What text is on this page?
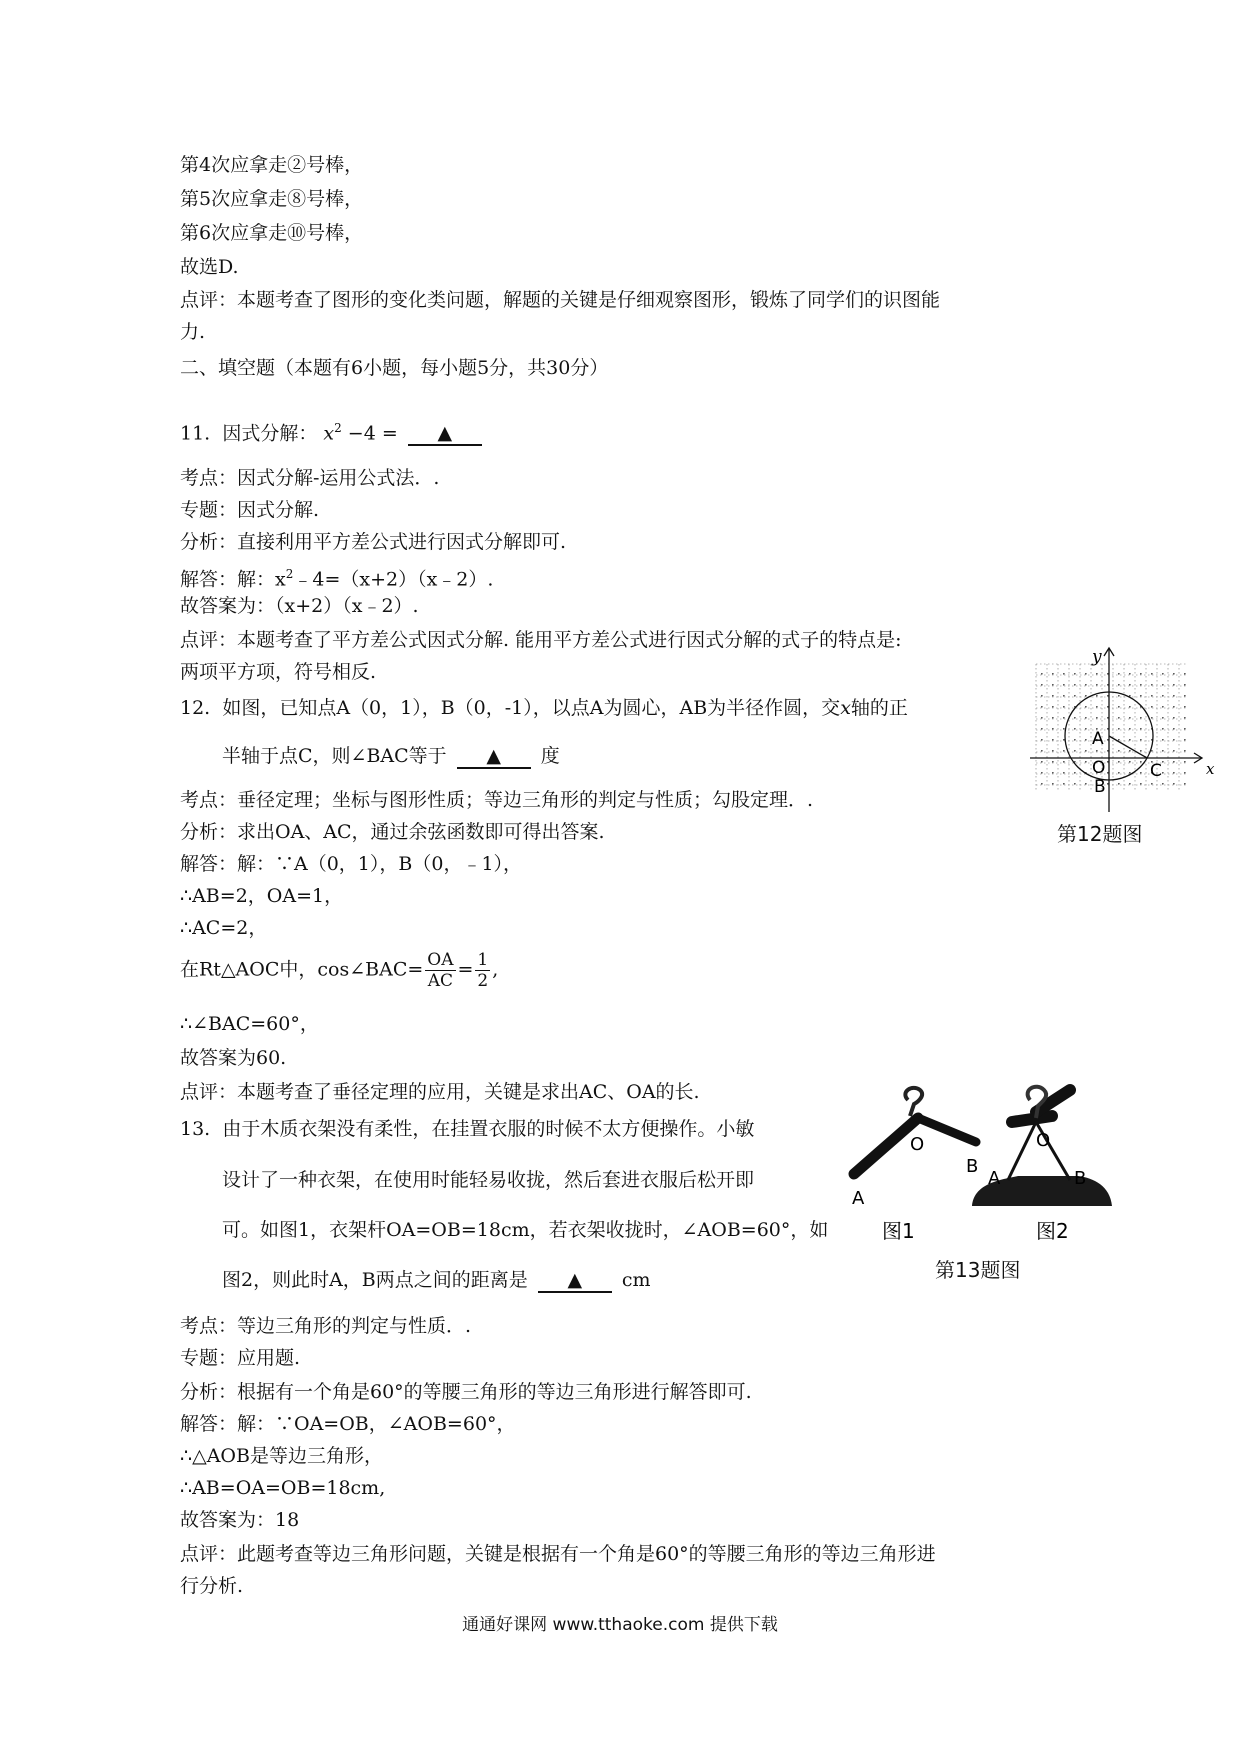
第4次应拿走②号棒，
第5次应拿走⑧号棒，
第6次应拿走⑩号棒，
故选D.
点评：本题考查了图形的变化类问题，解题的关键是仔细观察图形，锻炼了同学们的识图能
力.
二、填空题（本题有6小题，每小题5分，共30分）
11. 因式分解： $x^2 -4$ = ▲
考点：因式分解-运用公式法．.
专题：因式分解.
分析：直接利用平方差公式进行因式分解即可.
解答：解：$x^2﹣4=(x+2)(x﹣2)$.
故答案为：（x+2）（x﹣2）.
点评：本题考查了平方差公式因式分解. 能用平方差公式进行因式分解的式子的特点是:
两项平方项，符号相反.
12. 如图，已知点A（0，1），B（0，-1），以点A为圆心，AB为半径作圆，交x轴的正
半轴于点C，则∠BAC等于 ▲ 度
考点：垂径定理；坐标与图形性质；等边三角形的判定与性质；勾股定理．.
分析：求出OA、AC，通过余弦函数即可得出答案.
解答：解：∵A（0，1），B（0，﹣1），
∴AB=2，OA=1，
∴AC=2，
在Rt△AOC中，cos∠BAC= $\frac{OA}{AC} = \frac{1}{2}$ ,
∴∠BAC=60°，
故答案为60.
点评：本题考查了垂径定理的应用，关键是求出AC、OA的长.
y
x
A
O
B
C
第12题图
13. 由于木质衣架没有柔性，在挂置衣服的时候不太方便操作。小敏
设计了一种衣架，在使用时能轻易收拢，然后套进衣服后松开即
可。如图1，衣架杆OA=OB=18cm，若衣架收拢时，∠AOB=60°，如
图2，则此时A，B两点之间的距离是 ▲ cm
考点：等边三角形的判定与性质．.
专题：应用题.
分析：根据有一个角是60°的等腰三角形的等边三角形进行解答即可.
解答：解：∵OA=OB，∠AOB=60°，
∴△AOB是等边三角形，
∴AB=OA=OB=18cm,
故答案为：18
点评：此题考查等边三角形问题，关键是根据有一个角是60°的等腰三角形的等边三角形进
行分析.
O
A
B
O
A	B
图1	图2
第13题图
通通好课网 www.tthaoke.com 提供下载
